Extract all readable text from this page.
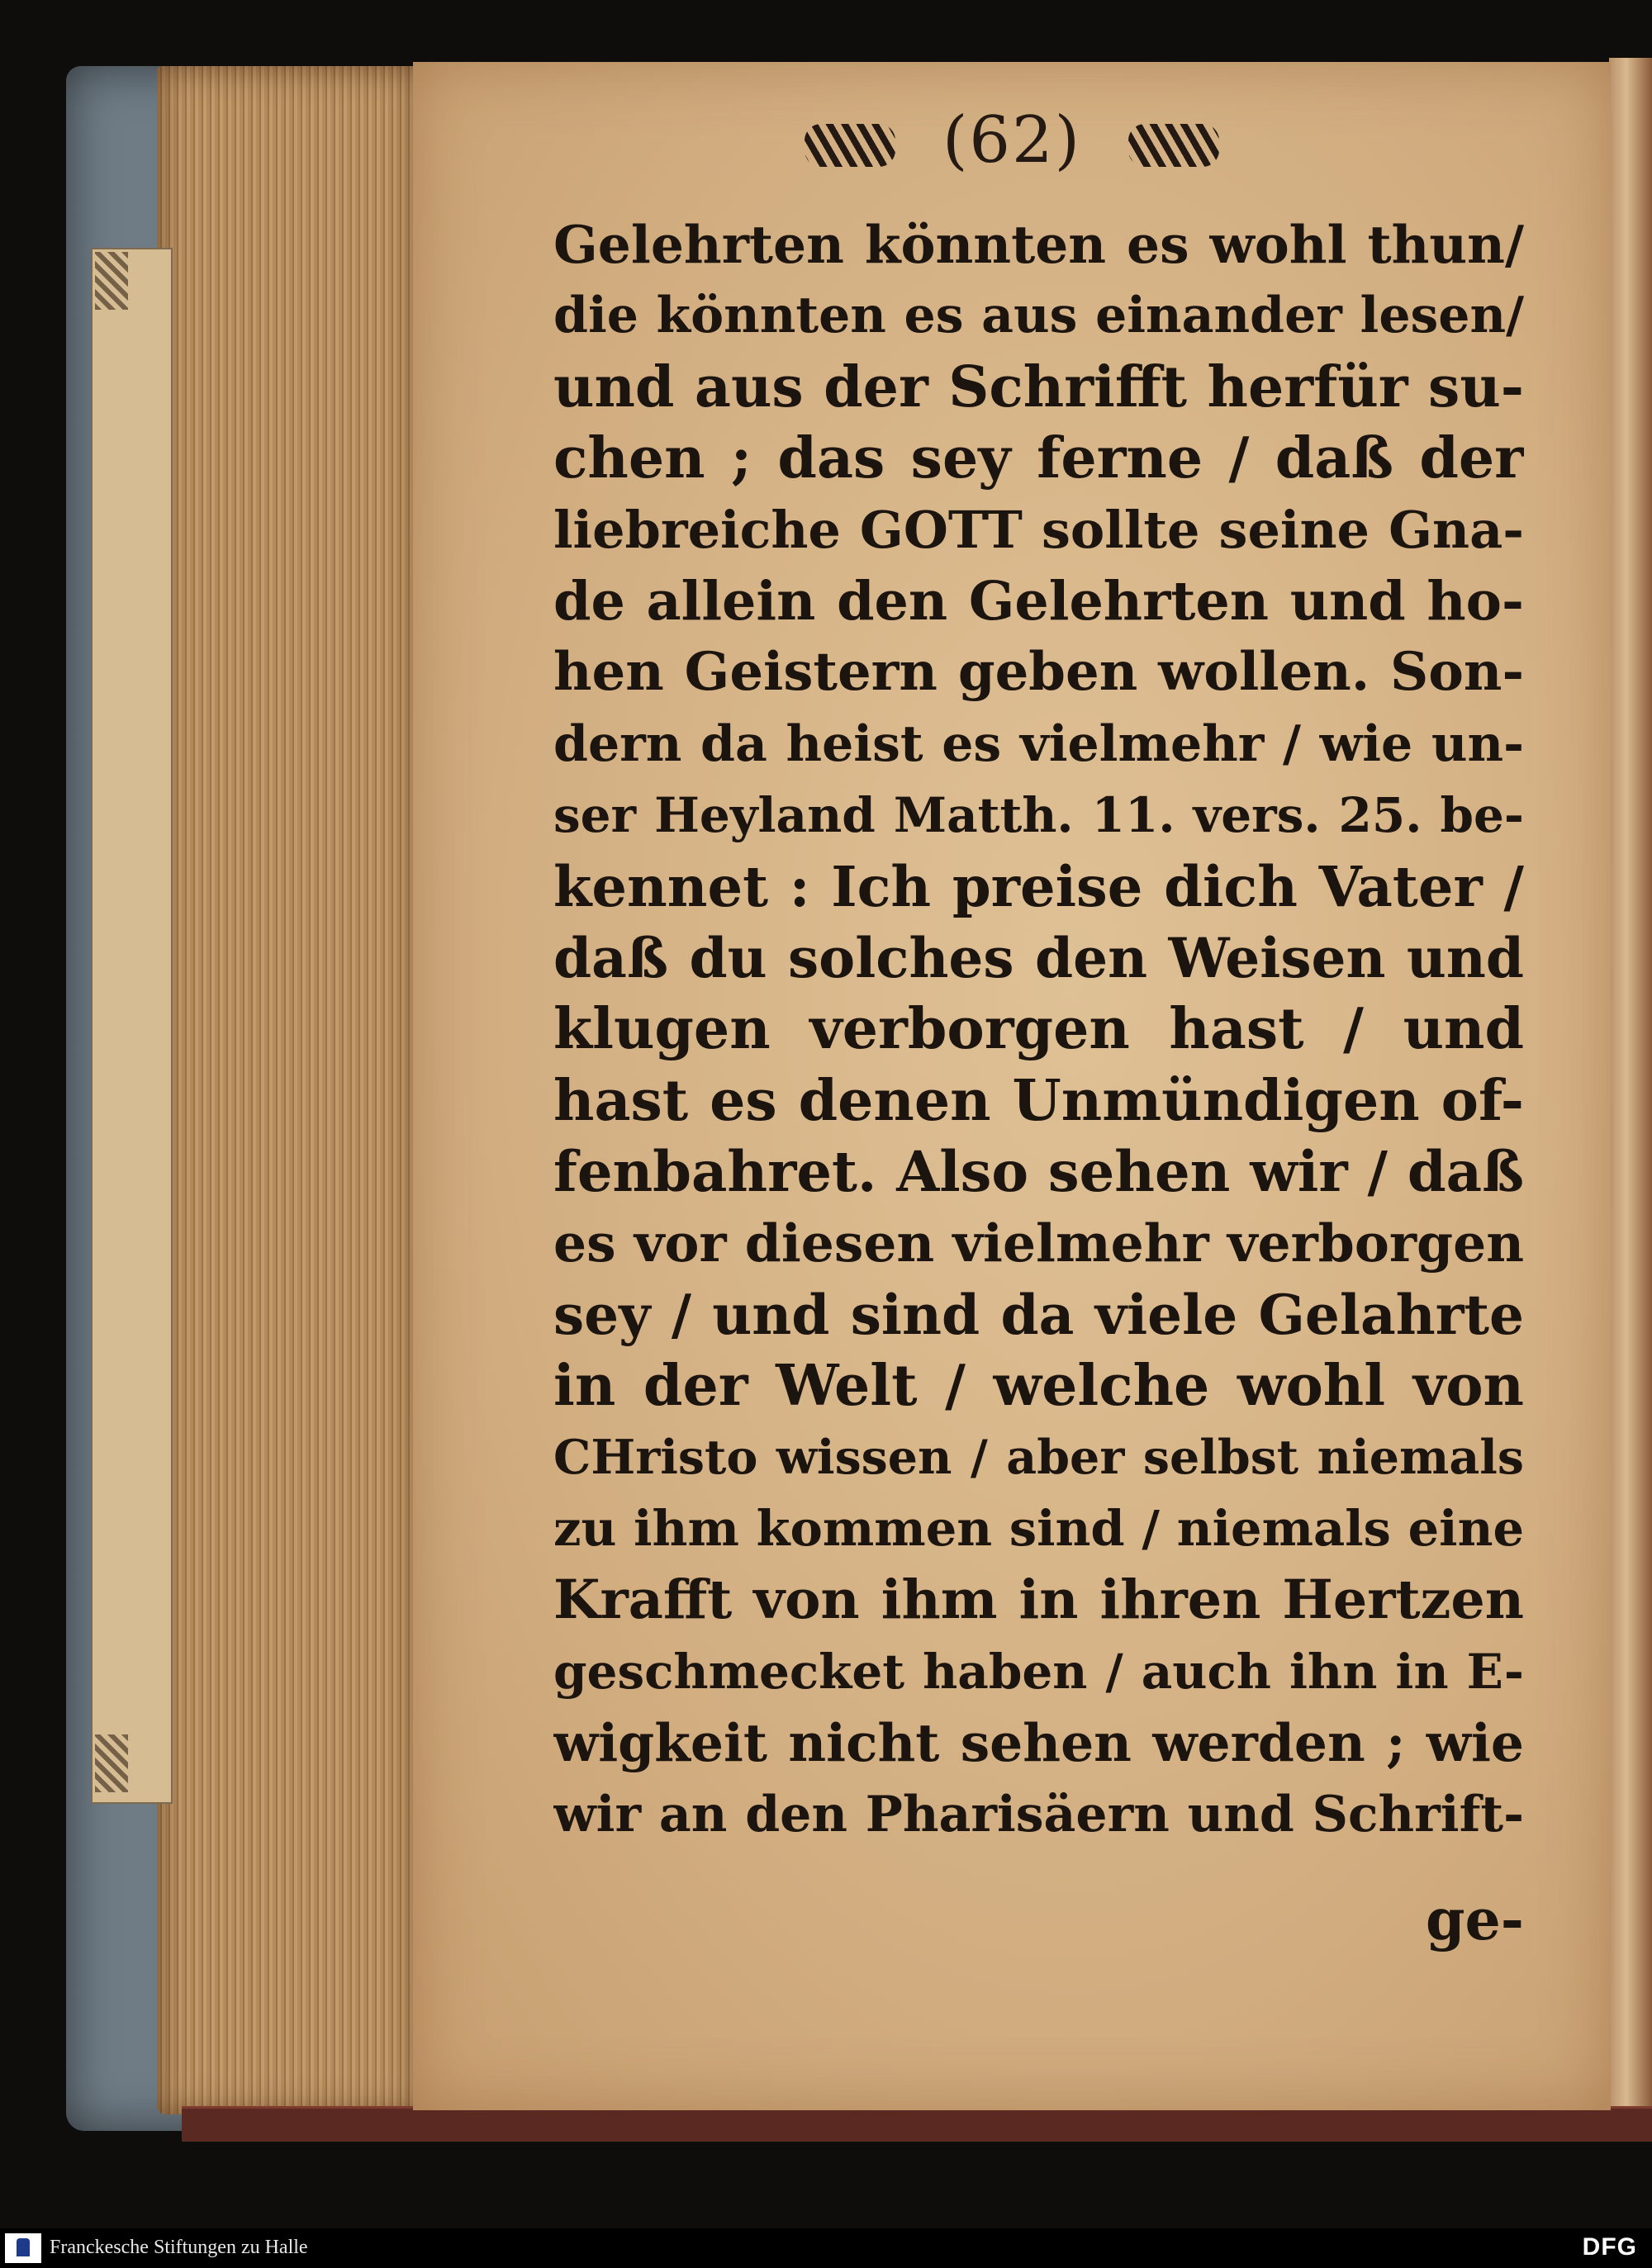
(62)
Gelehrten könnten es wohl thun/
die könnten es aus einander lesen/
und aus der Schrifft herfür su-
chen ; das sey ferne / daß der
liebreiche GOTT sollte seine Gna-
de allein den Gelehrten und ho-
hen Geistern geben wollen. Son-
dern da heist es vielmehr / wie un-
ser Heyland Matth. 11. vers. 25. be-
kennet : Ich preise dich Vater /
daß du solches den Weisen und
klugen verborgen hast / und
hast es denen Unmündigen of-
fenbahret. Also sehen wir / daß
es vor diesen vielmehr verborgen
sey / und sind da viele Gelahrte
in der Welt / welche wohl von
CHristo wissen / aber selbst niemals
zu ihm kommen sind / niemals eine
Krafft von ihm in ihren Hertzen
geschmecket haben / auch ihn in E-
wigkeit nicht sehen werden ; wie
wir an den Pharisäern und Schrift-
ge-
Franckesche Stiftungen zu Halle	DFG
